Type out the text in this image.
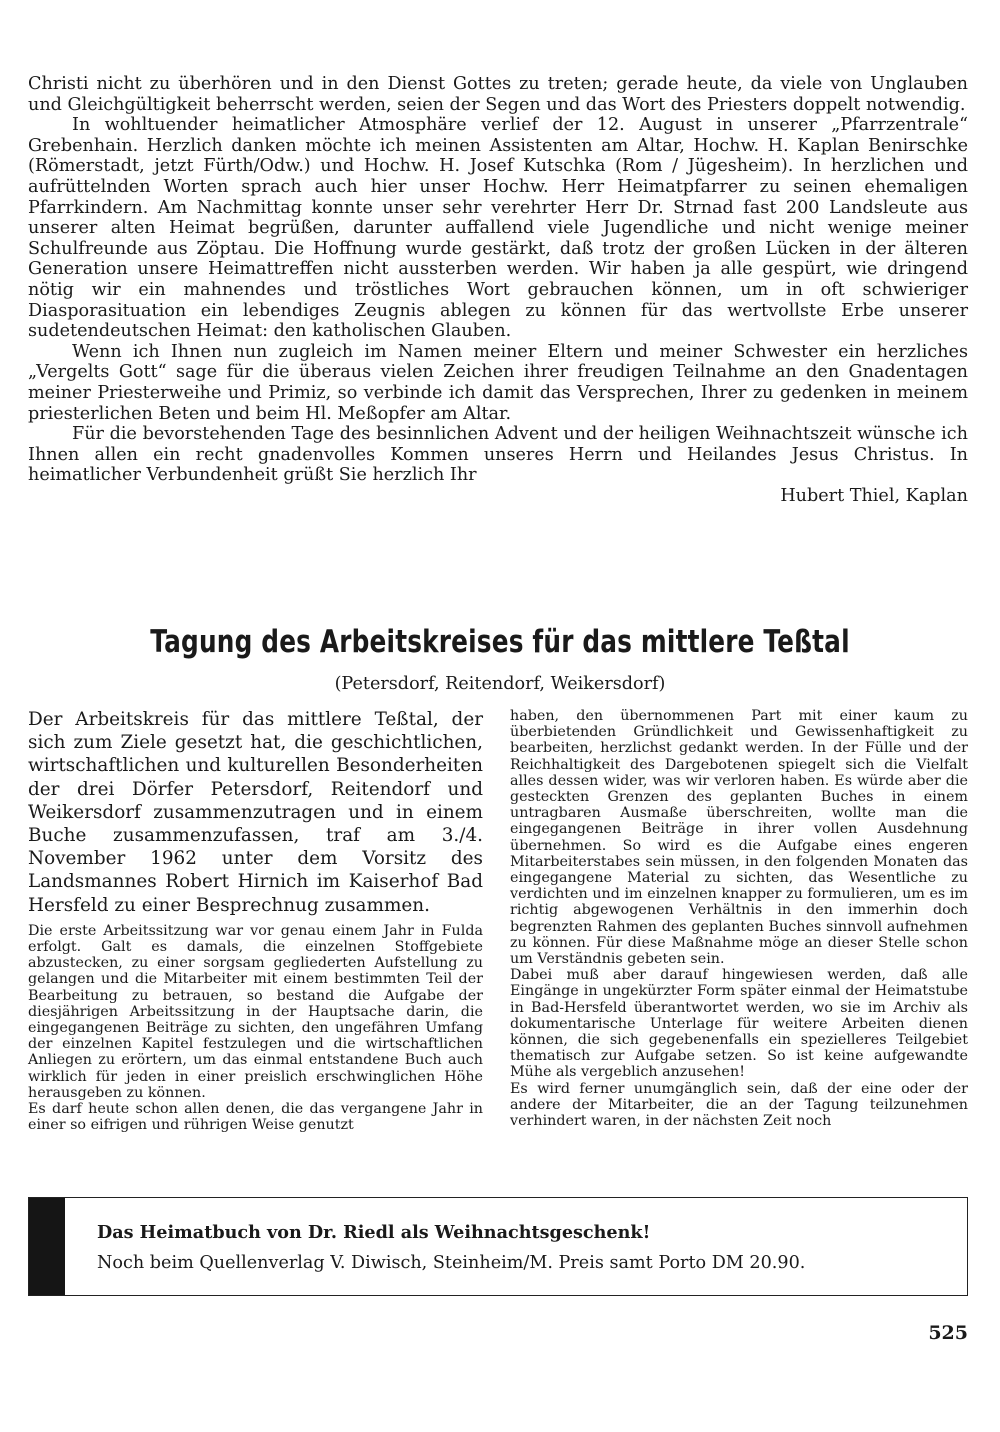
Christi nicht zu überhören und in den Dienst Gottes zu treten; gerade heute, da viele von Unglauben und Gleichgültigkeit beherrscht werden, seien der Segen und das Wort des Priesters doppelt notwendig.

In wohltuender heimatlicher Atmosphäre verlief der 12. August in unserer „Pfarrzentrale“ Grebenhain. Herzlich danken möchte ich meinen Assistenten am Altar, Hochw. H. Kaplan Benirschke (Römerstadt, jetzt Fürth/Odw.) und Hochw. H. Josef Kutschka (Rom / Jügesheim). In herzlichen und aufrüttelnden Worten sprach auch hier unser Hochw. Herr Heimatpfarrer zu seinen ehemaligen Pfarrkindern. Am Nachmittag konnte unser sehr verehrter Herr Dr. Strnad fast 200 Landsleute aus unserer alten Heimat begrüßen, darunter auffallend viele Jugendliche und nicht wenige meiner Schulfreunde aus Zöptau. Die Hoffnung wurde gestärkt, daß trotz der großen Lücken in der älteren Generation unsere Heimattreffen nicht aussterben werden. Wir haben ja alle gespürt, wie dringend nötig wir ein mahnendes und tröstliches Wort gebrauchen können, um in oft schwieriger Diasporasituation ein lebendiges Zeugnis ablegen zu können für das wertvollste Erbe unserer sudetendeutschen Heimat: den katholischen Glauben.

Wenn ich Ihnen nun zugleich im Namen meiner Eltern und meiner Schwester ein herzliches „Vergelts Gott“ sage für die überaus vielen Zeichen ihrer freudigen Teilnahme an den Gnadentagen meiner Priesterweihe und Primiz, so verbinde ich damit das Versprechen, Ihrer zu gedenken in meinem priesterlichen Beten und beim Hl. Meßopfer am Altar.

Für die bevorstehenden Tage des besinnlichen Advent und der heiligen Weihnachtszeit wünsche ich Ihnen allen ein recht gnadenvolles Kommen unseres Herrn und Heilandes Jesus Christus. In heimatlicher Verbundenheit grüßt Sie herzlich Ihr

Hubert Thiel, Kaplan

Tagung des Arbeitskreises für das mittlere Teßtal
(Petersdorf, Reitendorf, Weikersdorf)

Der Arbeitskreis für das mittlere Teßtal, der sich zum Ziele gesetzt hat, die geschichtlichen, wirtschaftlichen und kulturellen Besonderheiten der drei Dörfer Petersdorf, Reitendorf und Weikersdorf zusammenzutragen und in einem Buche zusammenzufassen, traf am 3./4. November 1962 unter dem Vorsitz des Landsmannes Robert Hirnich im Kaiserhof Bad Hersfeld zu einer Besprechnug zusammen.

Die erste Arbeitssitzung war vor genau einem Jahr in Fulda erfolgt. Galt es damals, die einzelnen Stoffgebiete abzustecken, zu einer sorgsam gegliederten Aufstellung zu gelangen und die Mitarbeiter mit einem bestimmten Teil der Bearbeitung zu betrauen, so bestand die Aufgabe der diesjährigen Arbeitssitzung in der Hauptsache darin, die eingegangenen Beiträge zu sichten, den ungefähren Umfang der einzelnen Kapitel festzulegen und die wirtschaftlichen Anliegen zu erörtern, um das einmal entstandene Buch auch wirklich für jeden in einer preislich erschwinglichen Höhe herausgeben zu können.

Es darf heute schon allen denen, die das vergangene Jahr in einer so eifrigen und rührigen Weise genutzt

haben, den übernommenen Part mit einer kaum zu überbietenden Gründlichkeit und Gewissenhaftigkeit zu bearbeiten, herzlichst gedankt werden. In der Fülle und der Reichhaltigkeit des Dargebotenen spiegelt sich die Vielfalt alles dessen wider, was wir verloren haben. Es würde aber die gesteckten Grenzen des geplanten Buches in einem untragbaren Ausmaße überschreiten, wollte man die eingegangenen Beiträge in ihrer vollen Ausdehnung übernehmen. So wird es die Aufgabe eines engeren Mitarbeiterstabes sein müssen, in den folgenden Monaten das eingegangene Material zu sichten, das Wesentliche zu verdichten und im einzelnen knapper zu formulieren, um es im richtig abgewogenen Verhältnis in den immerhin doch begrenzten Rahmen des geplanten Buches sinnvoll aufnehmen zu können. Für diese Maßnahme möge an dieser Stelle schon um Verständnis gebeten sein.

Dabei muß aber darauf hingewiesen werden, daß alle Eingänge in ungekürzter Form später einmal der Heimatstube in Bad-Hersfeld überantwortet werden, wo sie im Archiv als dokumentarische Unterlage für weitere Arbeiten dienen können, die sich gegebenenfalls ein spezielleres Teilgebiet thematisch zur Aufgabe setzen. So ist keine aufgewandte Mühe als vergeblich anzusehen!

Es wird ferner unumgänglich sein, daß der eine oder der andere der Mitarbeiter, die an der Tagung teilzunehmen verhindert waren, in der nächsten Zeit noch

Das Heimatbuch von Dr. Riedl als Weihnachtsgeschenk!
Noch beim Quellenverlag V. Diwisch, Steinheim/M. Preis samt Porto DM 20.90.
525
